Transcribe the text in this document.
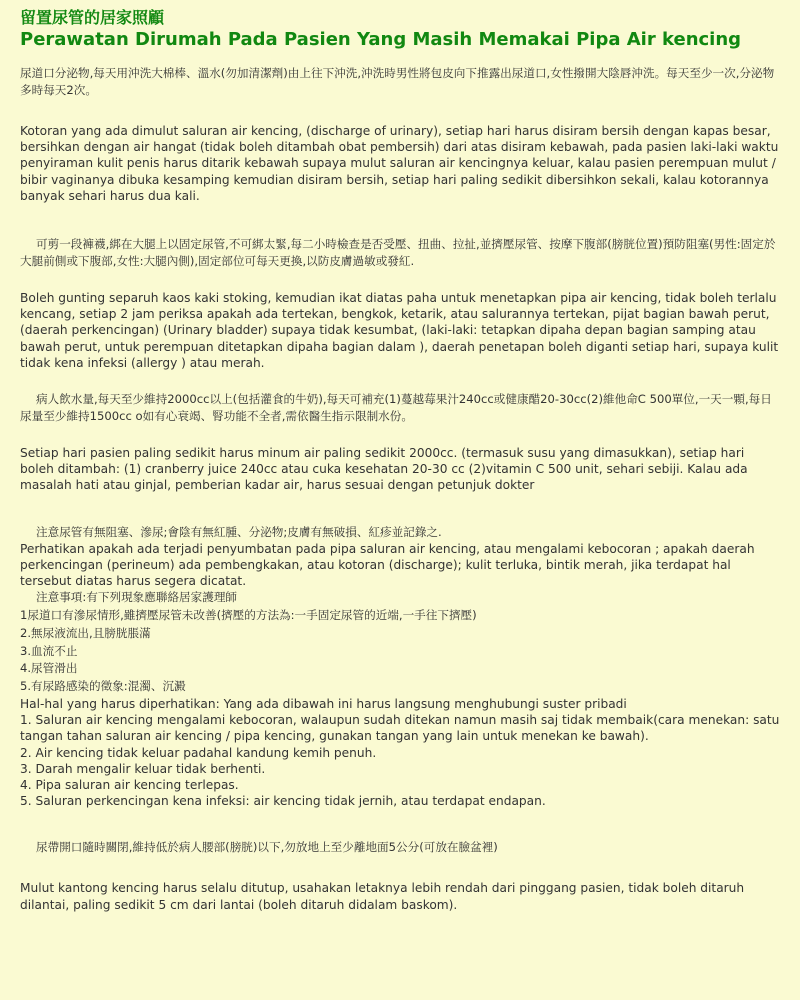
留置尿管的居家照顧
Perawatan Dirumah Pada Pasien Yang Masih Memakai Pipa Air kencing

尿道口分泌物,每天用沖洗大棉棒、溫水(勿加清潔劑)由上往下沖洗,沖洗時男性將包皮向下推露出尿道口,女性撥開大陰唇沖洗。每天至少一次,分泌物多時每天2次。

Kotoran yang ada dimulut saluran air kencing, (discharge of urinary), setiap hari harus disiram bersih dengan kapas besar, bersihkan dengan air hangat (tidak boleh ditambah obat pembersih) dari atas disiram kebawah, pada pasien laki-laki waktu penyiraman kulit penis harus ditarik kebawah supaya mulut saluran air kencingnya keluar, kalau pasien perempuan mulut / bibir vaginanya dibuka kesamping kemudian disiram bersih, setiap hari paling sedikit dibersihkon sekali, kalau kotorannya banyak sehari harus dua kali.

可剪一段褲襪,綁在大腿上以固定尿管,不可綁太緊,每二小時檢查是否受壓、扭曲、拉扯,並擠壓尿管、按摩下腹部(膀胱位置)預防阻塞(男性:固定於大腿前側或下腹部,女性:大腿內側),固定部位可每天更換,以防皮膚過敏或發紅.

Boleh gunting separuh kaos kaki stoking, kemudian ikat diatas paha untuk menetapkan pipa air kencing, tidak boleh terlalu kencang, setiap 2 jam periksa apakah ada tertekan, bengkok, ketarik, atau salurannya tertekan, pijat bagian bawah perut, (daerah perkencingan) (Urinary bladder) supaya tidak kesumbat, (laki-laki: tetapkan dipaha depan bagian samping atau bawah perut, untuk perempuan ditetapkan dipaha bagian dalam ), daerah penetapan boleh diganti setiap hari, supaya kulit tidak kena infeksi (allergy ) atau merah.

病人飲水量,每天至少維持2000cc以上(包括灌食的牛奶),每天可補充(1)蔓越莓果汁240cc或健康醋20-30cc(2)維他命C 500單位,一天一顆,每日尿量至少維持1500cc o如有心衰竭、腎功能不全者,需依醫生指示限制水份。

Setiap hari pasien paling sedikit harus minum air paling sedikit 2000cc. (termasuk susu yang dimasukkan), setiap hari boleh ditambah: (1) cranberry juice 240cc atau cuka kesehatan 20-30 cc (2)vitamin C 500 unit, sehari sebiji. Kalau ada masalah hati atau ginjal, pemberian kadar air, harus sesuai dengan petunjuk dokter

注意尿管有無阻塞、滲尿;會陰有無紅腫、分泌物;皮膚有無破損、紅疹並記錄之.

Perhatikan apakah ada terjadi penyumbatan pada pipa saluran air kencing, atau mengalami kebocoran ; apakah daerah perkencingan (perineum) ada pembengkakan, atau kotoran (discharge); kulit terluka, bintik merah, jika terdapat hal tersebut diatas harus segera dicatat.

注意事項:有下列現象應聯絡居家護理師

1尿道口有滲尿情形,雖擠壓尿管未改善(擠壓的方法為:一手固定尿管的近端,一手往下擠壓)

2.無尿液流出,且膀胱脹滿

3.血流不止

4.尿管滑出

5.有尿路感染的徵象:混濁、沉澱

Hal-hal yang harus diperhatikan: Yang ada dibawah ini harus langsung menghubungi suster pribadi

1. Saluran air kencing mengalami kebocoran, walaupun sudah ditekan namun masih saj tidak membaik(cara menekan: satu tangan tahan saluran air kencing / pipa kencing, gunakan tangan yang lain untuk menekan ke bawah).

2. Air kencing tidak keluar padahal kandung kemih penuh.

3. Darah mengalir keluar tidak berhenti.

4. Pipa saluran air kencing terlepas.

5. Saluran perkencingan kena infeksi: air kencing tidak jernih, atau terdapat endapan.

尿帶開口隨時關閉,維持低於病人腰部(膀胱)以下,勿放地上至少離地面5公分(可放在臉盆裡)

Mulut kantong kencing harus selalu ditutup, usahakan letaknya lebih rendah dari pinggang pasien, tidak boleh ditaruh dilantai, paling sedikit 5 cm dari lantai (boleh ditaruh didalam baskom).
